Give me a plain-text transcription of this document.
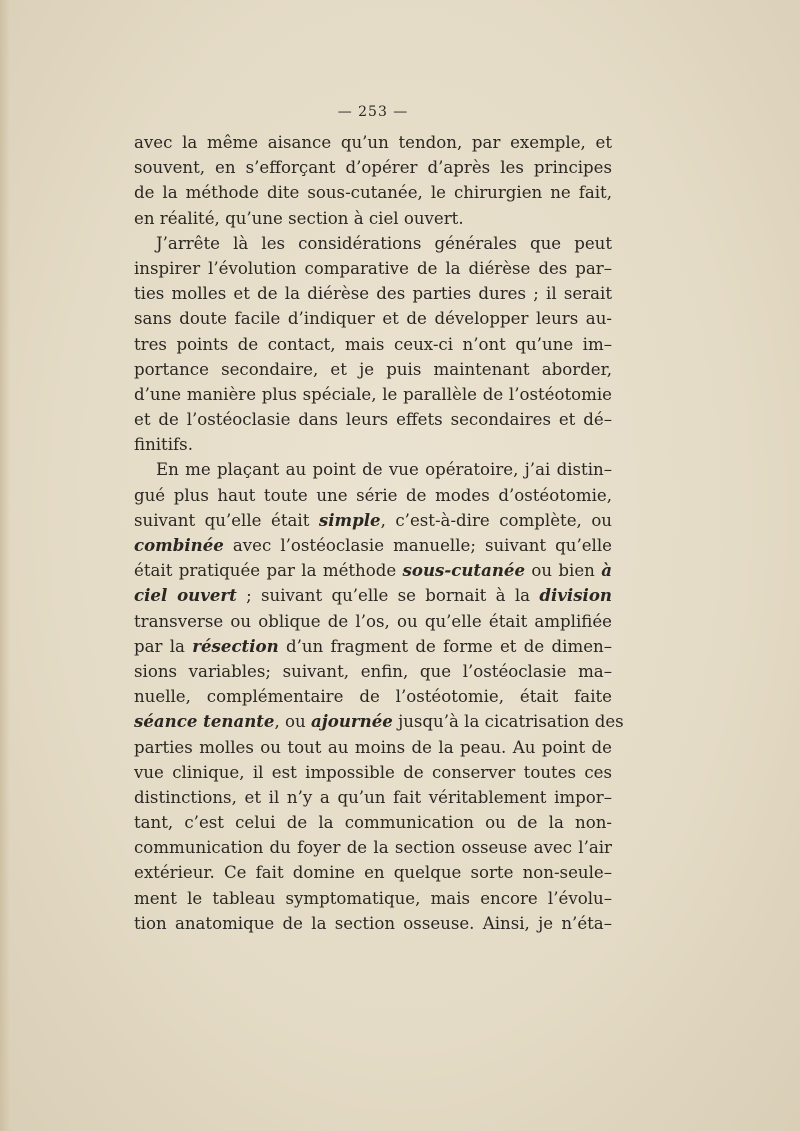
— 253 —
avec la même aisance qu’un tendon, par exemple, et
souvent, en s’efforçant d’opérer d’après les principes
de la méthode dite sous-cutanée, le chirurgien ne fait,
en réalité, qu’une section à ciel ouvert.
J’arrête là les considérations générales que peut
inspirer l’évolution comparative de la diérèse des par–
ties molles et de la diérèse des parties dures ; il serait
sans doute facile d’indiquer et de développer leurs au-
tres points de contact, mais ceux-ci n’ont qu’une im–
portance secondaire, et je puis maintenant aborder,
d’une manière plus spéciale, le parallèle de l’ostéotomie
et de l’ostéoclasie dans leurs effets secondaires et dé–
finitifs.
En me plaçant au point de vue opératoire, j’ai distin–
gué plus haut toute une série de modes d’ostéotomie,
suivant qu’elle était simple, c’est-à-dire complète, ou
combinée avec l’ostéoclasie manuelle; suivant qu’elle
était pratiquée par la méthode sous-cutanée ou bien à
ciel ouvert ; suivant qu’elle se bornait à la division
transverse ou oblique de l’os, ou qu’elle était amplifiée
par la résection d’un fragment de forme et de dimen–
sions variables; suivant, enfin, que l’ostéoclasie ma–
nuelle, complémentaire de l’ostéotomie, était faite
séance tenante, ou ajournée jusqu’à la cicatrisation des
parties molles ou tout au moins de la peau. Au point de
vue clinique, il est impossible de conserver toutes ces
distinctions, et il n’y a qu’un fait véritablement impor–
tant, c’est celui de la communication ou de la non-
communication du foyer de la section osseuse avec l’air
extérieur. Ce fait domine en quelque sorte non-seule–
ment le tableau symptomatique, mais encore l’évolu–
tion anatomique de la section osseuse. Ainsi, je n’éta–
